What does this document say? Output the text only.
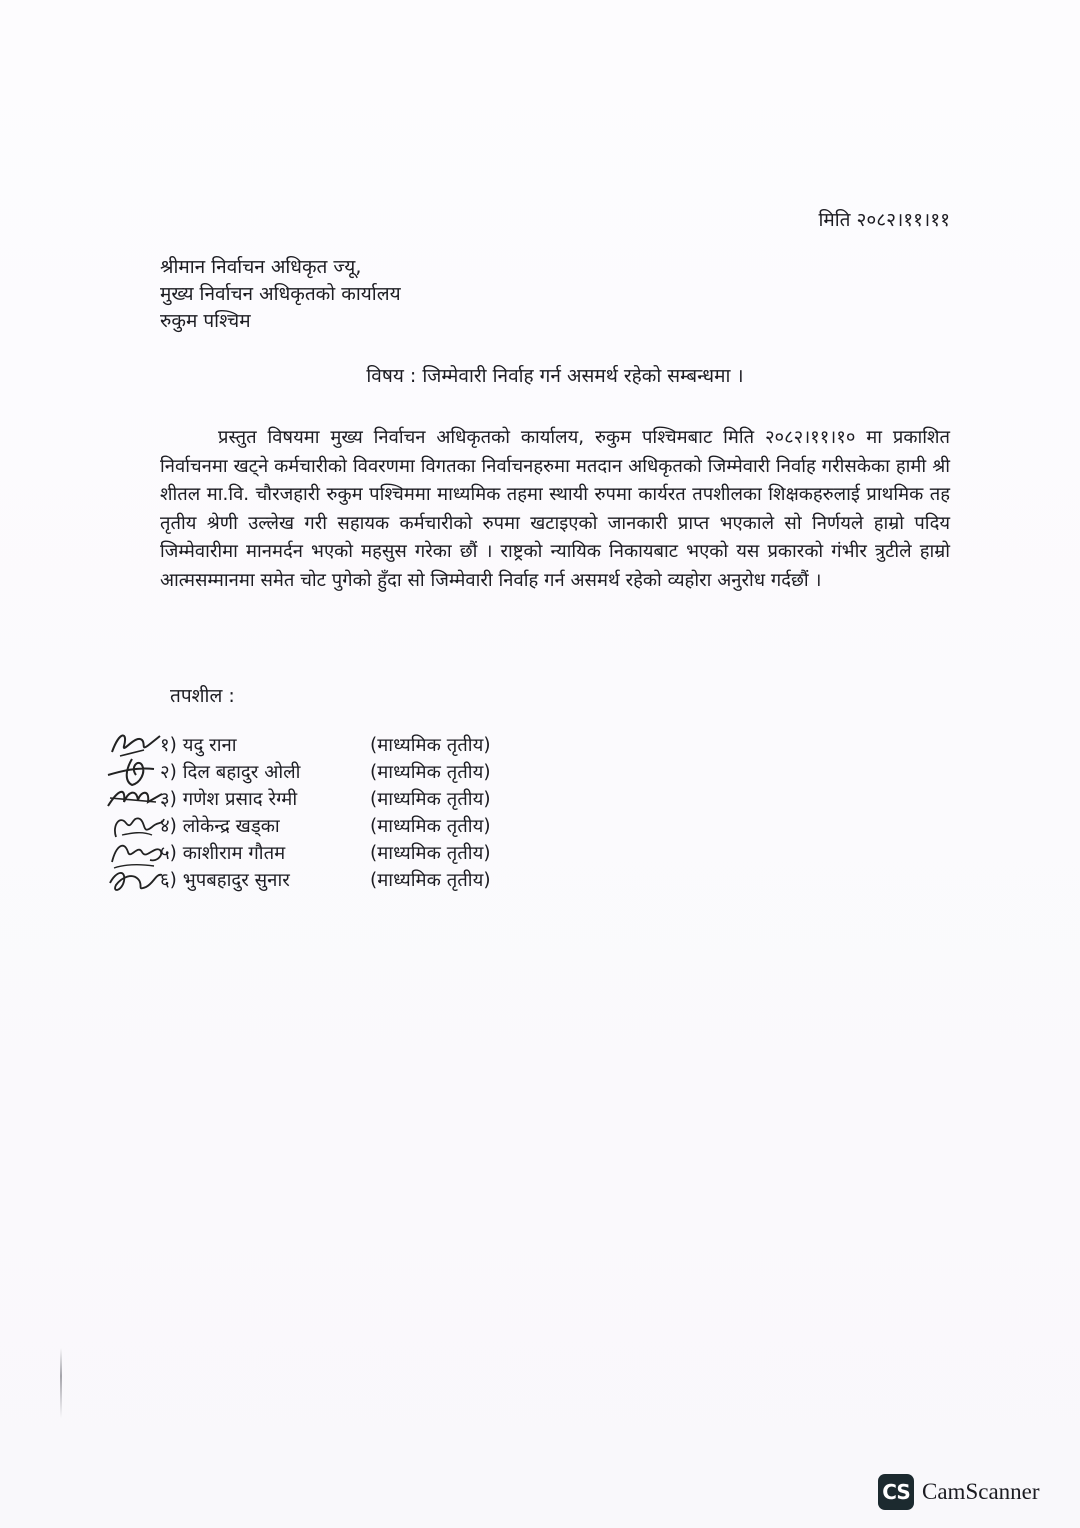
मिति २०८२।११।११
श्रीमान निर्वाचन अधिकृत ज्यू,
मुख्य निर्वाचन अधिकृतको कार्यालय
रुकुम पश्चिम
विषय : जिम्मेवारी निर्वाह गर्न असमर्थ रहेको सम्बन्धमा ।
प्रस्तुत विषयमा मुख्य निर्वाचन अधिकृतको कार्यालय, रुकुम पश्चिमबाट मिति २०८२।११।१० मा प्रकाशित निर्वाचनमा खट्ने कर्मचारीको विवरणमा विगतका निर्वाचनहरुमा मतदान अधिकृतको जिम्मेवारी निर्वाह गरीसकेका हामी श्री शीतल मा.वि. चौरजहारी रुकुम पश्चिममा माध्यमिक तहमा स्थायी रुपमा कार्यरत तपशीलका शिक्षकहरुलाई प्राथमिक तह तृतीय श्रेणी उल्लेख गरी सहायक कर्मचारीको रुपमा खटाइएको जानकारी प्राप्त भएकाले सो निर्णयले हाम्रो पदिय जिम्मेवारीमा मानमर्दन भएको महसुस गरेका छौं । राष्ट्रको न्यायिक निकायबाट भएको यस प्रकारको गंभीर त्रुटीले हाम्रो आत्मसम्मानमा समेत चोट पुगेको हुँदा सो जिम्मेवारी निर्वाह गर्न असमर्थ रहेको व्यहोरा अनुरोध गर्दछौं ।
तपशील :
१) यदु राना	(माध्यमिक तृतीय)
२) दिल बहादुर ओली	(माध्यमिक तृतीय)
३) गणेश प्रसाद रेग्मी	(माध्यमिक तृतीय)
४) लोकेन्द्र खड्का	(माध्यमिक तृतीय)
५) काशीराम गौतम	(माध्यमिक तृतीय)
६) भुपबहादुर सुनार	(माध्यमिक तृतीय)
CS CamScanner
